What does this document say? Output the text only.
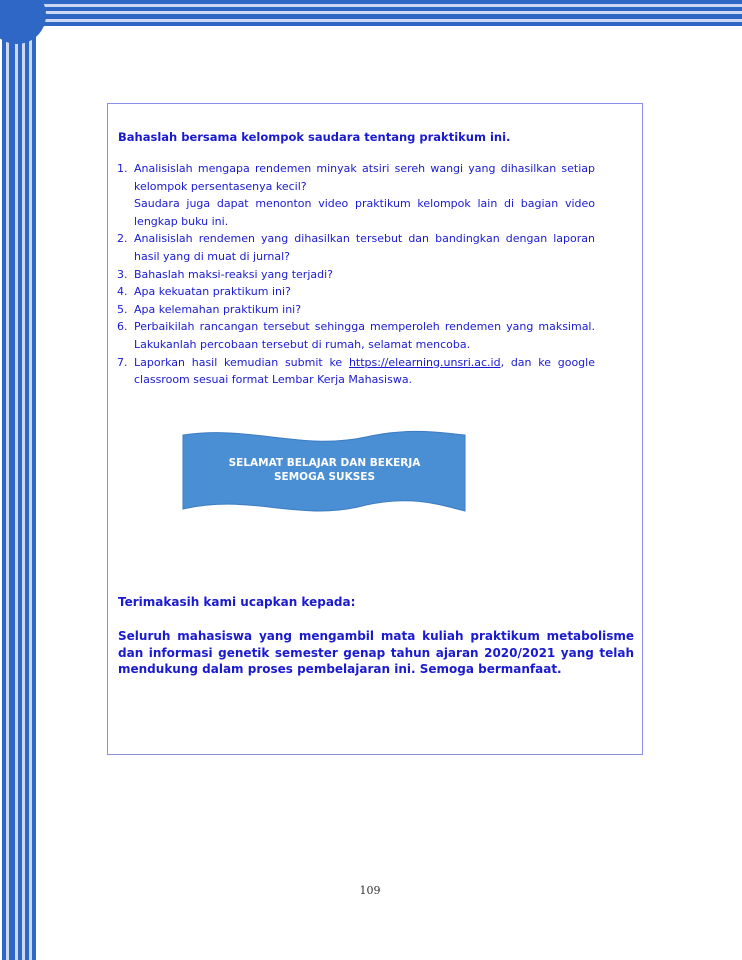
Bahaslah bersama kelompok saudara tentang praktikum ini.
1. Analisislah mengapa rendemen minyak atsiri sereh wangi yang dihasilkan setiap kelompok persentasenya kecil?
Saudara juga dapat menonton video praktikum kelompok lain di bagian video lengkap buku ini.
2. Analisislah rendemen yang dihasilkan tersebut dan bandingkan dengan laporan hasil yang di muat di jurnal?
3. Bahaslah maksi-reaksi yang terjadi?
4. Apa kekuatan praktikum ini?
5. Apa kelemahan praktikum ini?
6. Perbaikilah rancangan tersebut sehingga memperoleh rendemen yang maksimal. Lakukanlah percobaan tersebut di rumah, selamat mencoba.
7. Laporkan hasil kemudian submit ke https://elearning.unsri.ac.id, dan ke google classroom sesuai format Lembar Kerja Mahasiswa.
SELAMAT BELAJAR DAN BEKERJA
SEMOGA SUKSES
Terimakasih kami ucapkan kepada:
Seluruh mahasiswa yang mengambil mata kuliah praktikum metabolisme dan informasi genetik semester genap tahun ajaran 2020/2021 yang telah mendukung dalam proses pembelajaran ini. Semoga bermanfaat.
109
